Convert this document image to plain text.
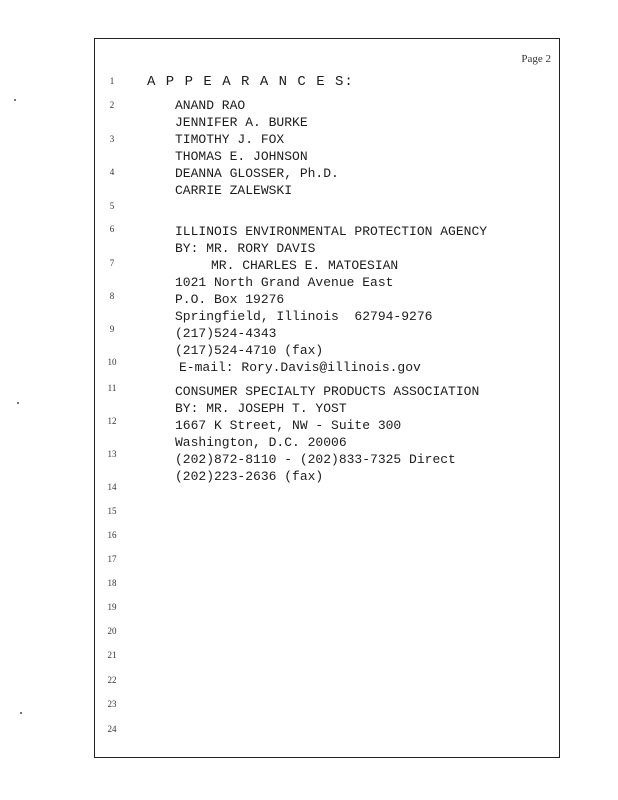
Page 2
1
2
3
4
5
6
7
8
9
10
11
12
13
14
15
16
17
18
19
20
21
22
23
24
A P P E A R A N C E S:
ANAND RAO
JENNIFER A. BURKE
TIMOTHY J. FOX
THOMAS E. JOHNSON
DEANNA GLOSSER, Ph.D.
CARRIE ZALEWSKI
ILLINOIS ENVIRONMENTAL PROTECTION AGENCY
BY: MR. RORY DAVIS
MR. CHARLES E. MATOESIAN
1021 North Grand Avenue East
P.O. Box 19276
Springfield, Illinois  62794-9276
(217)524-4343
(217)524-4710 (fax)
E-mail: Rory.Davis@illinois.gov
CONSUMER SPECIALTY PRODUCTS ASSOCIATION
BY: MR. JOSEPH T. YOST
1667 K Street, NW - Suite 300
Washington, D.C. 20006
(202)872-8110 - (202)833-7325 Direct
(202)223-2636 (fax)
